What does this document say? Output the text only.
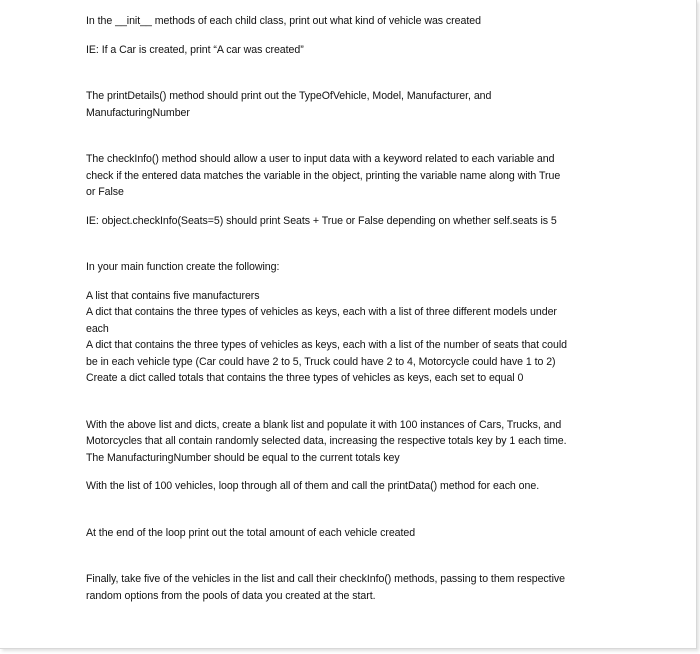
In the __init__ methods of each child class, print out what kind of vehicle was created

IE: If a Car is created, print “A car was created”

The printDetails() method should print out the TypeOfVehicle, Model, Manufacturer, and
ManufacturingNumber

The checkInfo() method should allow a user to input data with a keyword related to each variable and
check if the entered data matches the variable in the object, printing the variable name along with True
or False

IE: object.checkInfo(Seats=5) should print Seats + True or False depending on whether self.seats is 5

In your main function create the following:

A list that contains five manufacturers
A dict that contains the three types of vehicles as keys, each with a list of three different models under
each
A dict that contains the three types of vehicles as keys, each with a list of the number of seats that could
be in each vehicle type (Car could have 2 to 5, Truck could have 2 to 4, Motorcycle could have 1 to 2)
Create a dict called totals that contains the three types of vehicles as keys, each set to equal 0

With the above list and dicts, create a blank list and populate it with 100 instances of Cars, Trucks, and
Motorcycles that all contain randomly selected data, increasing the respective totals key by 1 each time.
The ManufacturingNumber should be equal to the current totals key

With the list of 100 vehicles, loop through all of them and call the printData() method for each one.

At the end of the loop print out the total amount of each vehicle created

Finally, take five of the vehicles in the list and call their checkInfo() methods, passing to them respective
random options from the pools of data you created at the start.
